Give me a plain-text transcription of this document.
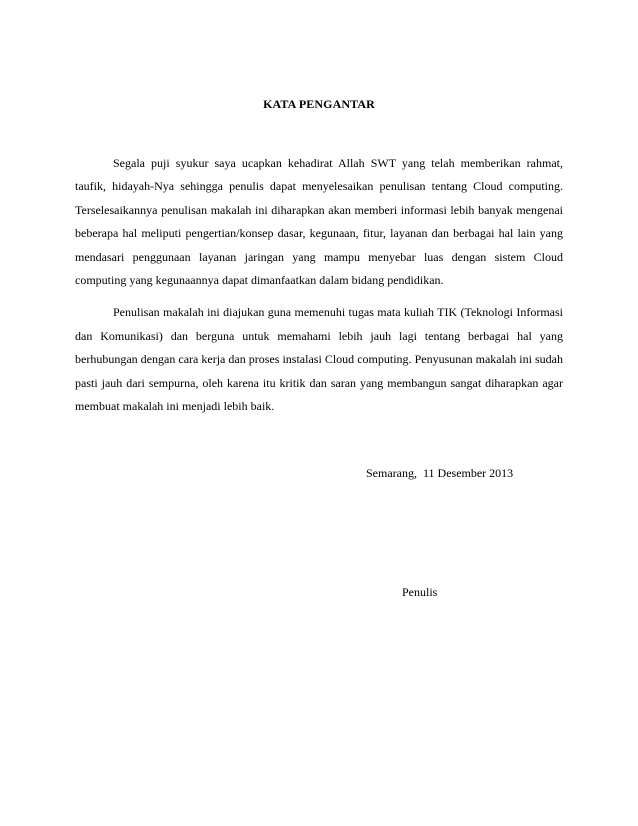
KATA PENGANTAR

Segala puji syukur saya ucapkan kehadirat Allah SWT yang telah memberikan rahmat, taufik, hidayah-Nya sehingga penulis dapat menyelesaikan penulisan tentang Cloud computing. Terselesaikannya penulisan makalah ini diharapkan akan memberi informasi lebih banyak mengenai beberapa hal meliputi pengertian/konsep dasar, kegunaan, fitur, layanan dan berbagai hal lain yang mendasari penggunaan layanan jaringan yang mampu menyebar luas dengan sistem Cloud computing yang kegunaannya dapat dimanfaatkan dalam bidang pendidikan.

Penulisan makalah ini diajukan guna memenuhi tugas mata kuliah TIK (Teknologi Informasi dan Komunikasi) dan berguna untuk memahami lebih jauh lagi tentang berbagai hal yang berhubungan dengan cara kerja dan proses instalasi Cloud computing. Penyusunan makalah ini sudah pasti jauh dari sempurna, oleh karena itu kritik dan saran yang membangun sangat diharapkan agar membuat makalah ini menjadi lebih baik.

Semarang,  11 Desember 2013
Penulis
